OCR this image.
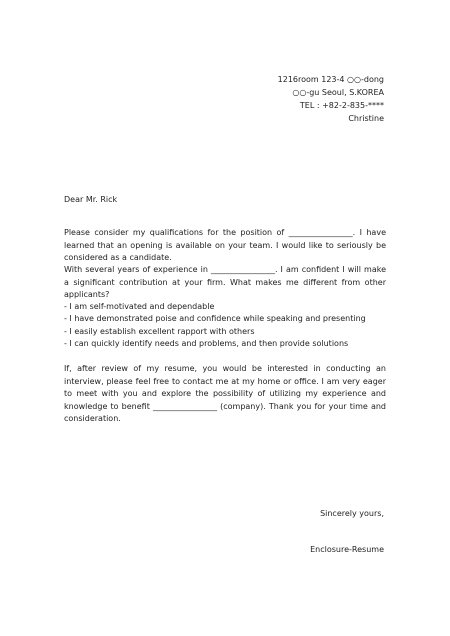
1216room 123-4 ○○-dong
○○-gu Seoul, S.KOREA
TEL : +82-2-835-****
Christine
Dear Mr. Rick

Please consider my qualifications for the position of ________________. I have learned that an opening is available on your team. I would like to seriously be considered as a candidate.

With several years of experience in ________________. I am confident I will make a significant contribution at your firm. What makes me different from other applicants?

- I am self-motivated and dependable
- I have demonstrated poise and confidence while speaking and presenting
- I easily establish excellent rapport with others
- I can quickly identify needs and problems, and then provide solutions

If, after review of my resume, you would be interested in conducting an interview, please feel free to contact me at my home or office. I am very eager to meet with you and explore the possibility of utilizing my experience and knowledge to benefit ________________ (company). Thank you for your time and consideration.

Sincerely yours,
Enclosure-Resume
